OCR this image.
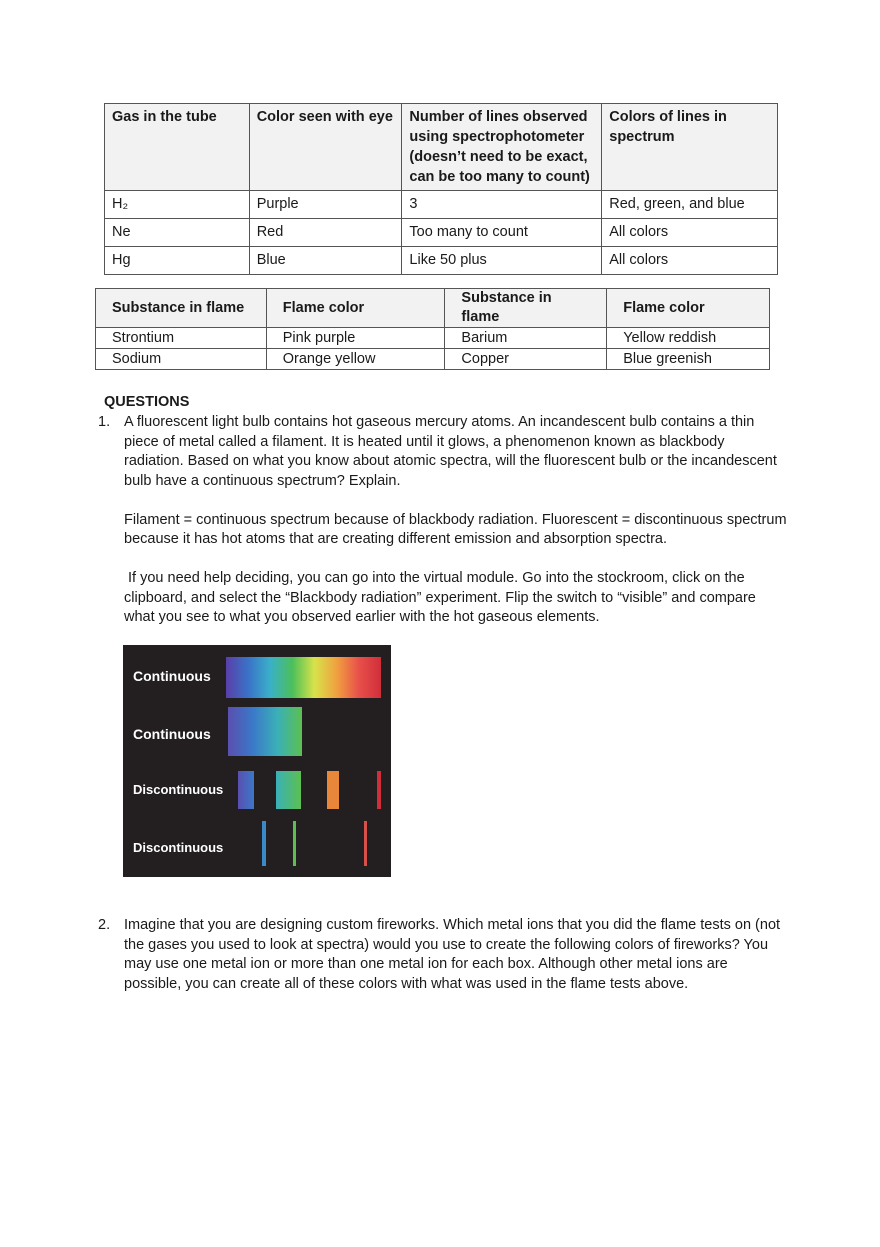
Gas in the tube	Color seen with eye	Number of lines observed using spectrophotometer (doesn’t need to be exact, can be too many to count)	Colors of lines in spectrum
H₂	Purple	3	Red, green, and blue
Ne	Red	Too many to count	All colors
Hg	Blue	Like 50 plus	All colors
Substance in flame	Flame color	Substance in flame	Flame color
Strontium	Pink purple	Barium	Yellow reddish
Sodium	Orange yellow	Copper	Blue greenish
QUESTIONS
1. A fluorescent light bulb contains hot gaseous mercury atoms. An incandescent bulb contains a thin piece of metal called a filament. It is heated until it glows, a phenomenon known as blackbody radiation. Based on what you know about atomic spectra, will the fluorescent bulb or the incandescent bulb have a continuous spectrum? Explain.

Filament = continuous spectrum because of blackbody radiation. Fluorescent = discontinuous spectrum because it has hot atoms that are creating different emission and absorption spectra.

If you need help deciding, you can go into the virtual module. Go into the stockroom, click on the clipboard, and select the “Blackbody radiation” experiment. Flip the switch to “visible” and compare what you see to what you observed earlier with the hot gaseous elements.

Continuous
Continuous
Discontinuous
Discontinuous
2. Imagine that you are designing custom fireworks. Which metal ions that you did the flame tests on (not the gases you used to look at spectra) would you use to create the following colors of fireworks? You may use one metal ion or more than one metal ion for each box. Although other metal ions are possible, you can create all of these colors with what was used in the flame tests above.
